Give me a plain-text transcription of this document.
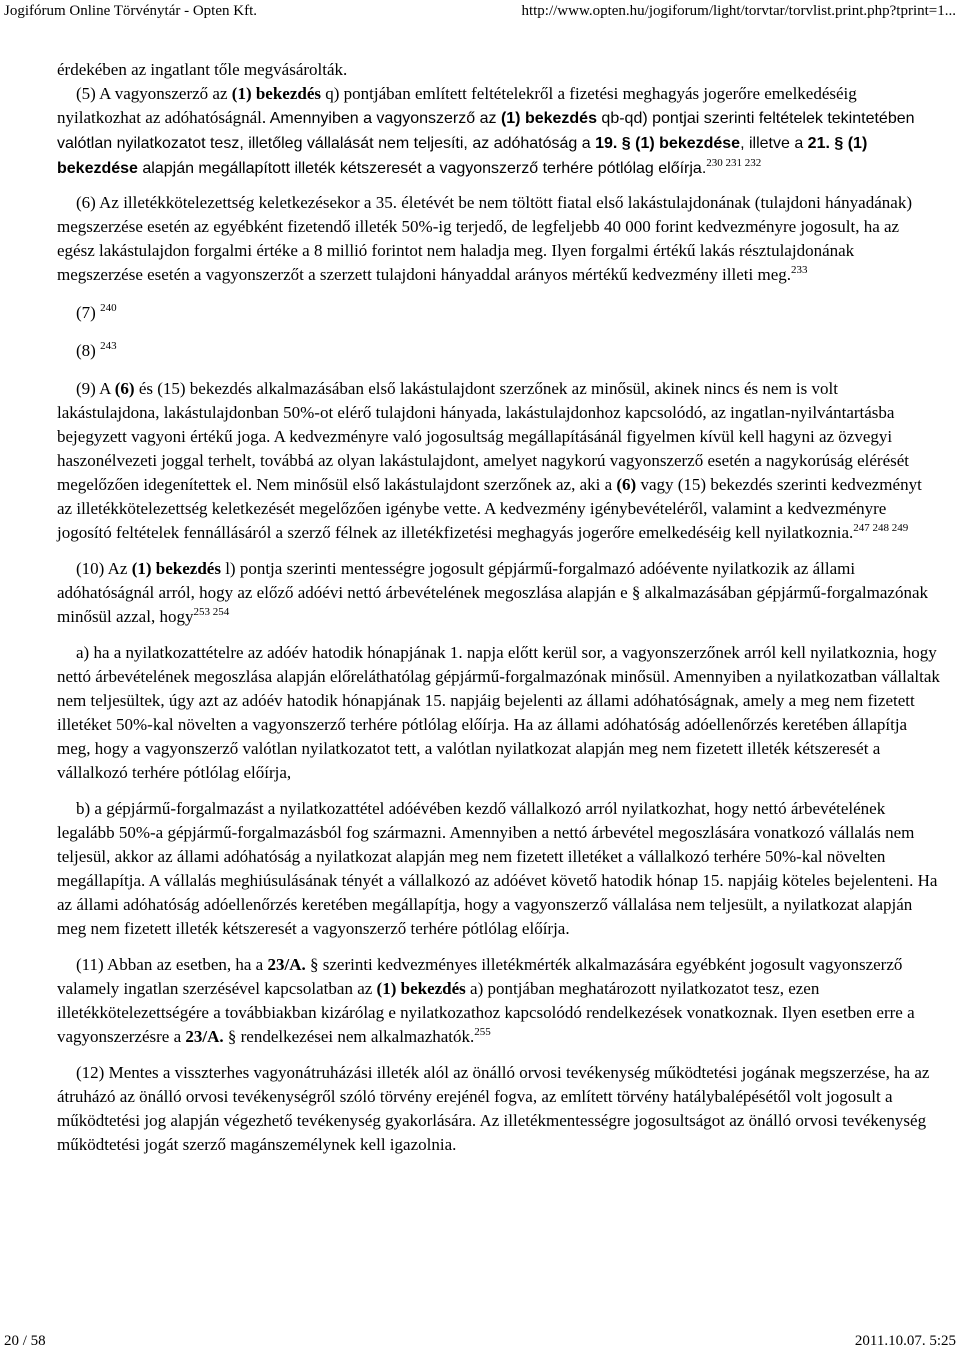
Jogifórum Online Törvénytár - Opten Kft.	http://www.opten.hu/jogiforum/light/torvtar/torvlist.print.php?tprint=1...

érdekében az ingatlant tőle megvásárolták.

(5) A vagyonszerző az (1) bekezdés q) pontjában említett feltételekről a fizetési meghagyás jogerőre emelkedéséig nyilatkozhat az adóhatóságnál. Amennyiben a vagyonszerző az (1) bekezdés qb-qd) pontjai szerinti feltételek tekintetében valótlan nyilatkozatot tesz, illetőleg vállalását nem teljesíti, az adóhatóság a 19. § (1) bekezdése, illetve a 21. § (1) bekezdése alapján megállapított illeték kétszeresét a vagyonszerző terhére pótlólag előírja.$^{230 231 232}$

(6) Az illetékkötelezettség keletkezésekor a 35. életévét be nem töltött fiatal első lakástulajdonának (tulajdoni hányadának) megszerzése esetén az egyébként fizetendő illeték 50%-ig terjedő, de legfeljebb 40 000 forint kedvezményre jogosult, ha az egész lakástulajdon forgalmi értéke a 8 millió forintot nem haladja meg. Ilyen forgalmi értékű lakás résztulajdonának megszerzése esetén a vagyonszerzőt a szerzett tulajdoni hányaddal arányos mértékű kedvezmény illeti meg.$^{233}$

(7) $^{240}$

(8) $^{243}$

(9) A (6) és (15) bekezdés alkalmazásában első lakástulajdont szerzőnek az minősül, akinek nincs és nem is volt lakástulajdona, lakástulajdonban 50%-ot elérő tulajdoni hányada, lakástulajdonhoz kapcsolódó, az ingatlan-nyilvántartásba bejegyzett vagyoni értékű joga. A kedvezményre való jogosultság megállapításánál figyelmen kívül kell hagyni az özvegyi haszonélvezeti joggal terhelt, továbbá az olyan lakástulajdont, amelyet nagykorú vagyonszerző esetén a nagykorúság elérését megelőzően idegenítettek el. Nem minősül első lakástulajdont szerzőnek az, aki a (6) vagy (15) bekezdés szerinti kedvezményt az illetékkötelezettség keletkezését megelőzően igénybe vette. A kedvezmény igénybevételéről, valamint a kedvezményre jogosító feltételek fennállásáról a szerző félnek az illetékfizetési meghagyás jogerőre emelkedéséig kell nyilatkoznia.$^{247 248 249}$

(10) Az (1) bekezdés l) pontja szerinti mentességre jogosult gépjármű-forgalmazó adóévente nyilatkozik az állami adóhatóságnál arról, hogy az előző adóévi nettó árbevételének megoszlása alapján e § alkalmazásában gépjármű-forgalmazónak minősül azzal, hogy$^{253 254}$

a) ha a nyilatkozattételre az adóév hatodik hónapjának 1. napja előtt kerül sor, a vagyonszerzőnek arról kell nyilatkoznia, hogy nettó árbevételének megoszlása alapján előreláthatólag gépjármű-forgalmazónak minősül. Amennyiben a nyilatkozatban vállaltak nem teljesültek, úgy azt az adóév hatodik hónapjának 15. napjáig bejelenti az állami adóhatóságnak, amely a meg nem fizetett illetéket 50%-kal növelten a vagyonszerző terhére pótlólag előírja. Ha az állami adóhatóság adóellenőrzés keretében állapítja meg, hogy a vagyonszerző valótlan nyilatkozatot tett, a valótlan nyilatkozat alapján meg nem fizetett illeték kétszeresét a vállalkozó terhére pótlólag előírja,

b) a gépjármű-forgalmazást a nyilatkozattétel adóévében kezdő vállalkozó arról nyilatkozhat, hogy nettó árbevételének legalább 50%-a gépjármű-forgalmazásból fog származni. Amennyiben a nettó árbevétel megoszlására vonatkozó vállalás nem teljesül, akkor az állami adóhatóság a nyilatkozat alapján meg nem fizetett illetéket a vállalkozó terhére 50%-kal növelten megállapítja. A vállalás meghiúsulásának tényét a vállalkozó az adóévet követő hatodik hónap 15. napjáig köteles bejelenteni. Ha az állami adóhatóság adóellenőrzés keretében megállapítja, hogy a vagyonszerző vállalása nem teljesült, a nyilatkozat alapján meg nem fizetett illeték kétszeresét a vagyonszerző terhére pótlólag előírja.

(11) Abban az esetben, ha a 23/A. § szerinti kedvezményes illetékmérték alkalmazására egyébként jogosult vagyonszerző valamely ingatlan szerzésével kapcsolatban az (1) bekezdés a) pontjában meghatározott nyilatkozatot tesz, ezen illetékkötelezettségére a továbbiakban kizárólag e nyilatkozathoz kapcsolódó rendelkezések vonatkoznak. Ilyen esetben erre a vagyonszerzésre a 23/A. § rendelkezései nem alkalmazhatók.$^{255}$

(12) Mentes a visszterhes vagyonátruházási illeték alól az önálló orvosi tevékenység működtetési jogának megszerzése, ha az átruházó az önálló orvosi tevékenységről szóló törvény erejénél fogva, az említett törvény hatálybalépésétől volt jogosult a működtetési jog alapján végezhető tevékenység gyakorlására. Az illetékmentességre jogosultságot az önálló orvosi tevékenység működtetési jogát szerző magánszemélynek kell igazolnia.

20 / 58	2011.10.07. 5:25
